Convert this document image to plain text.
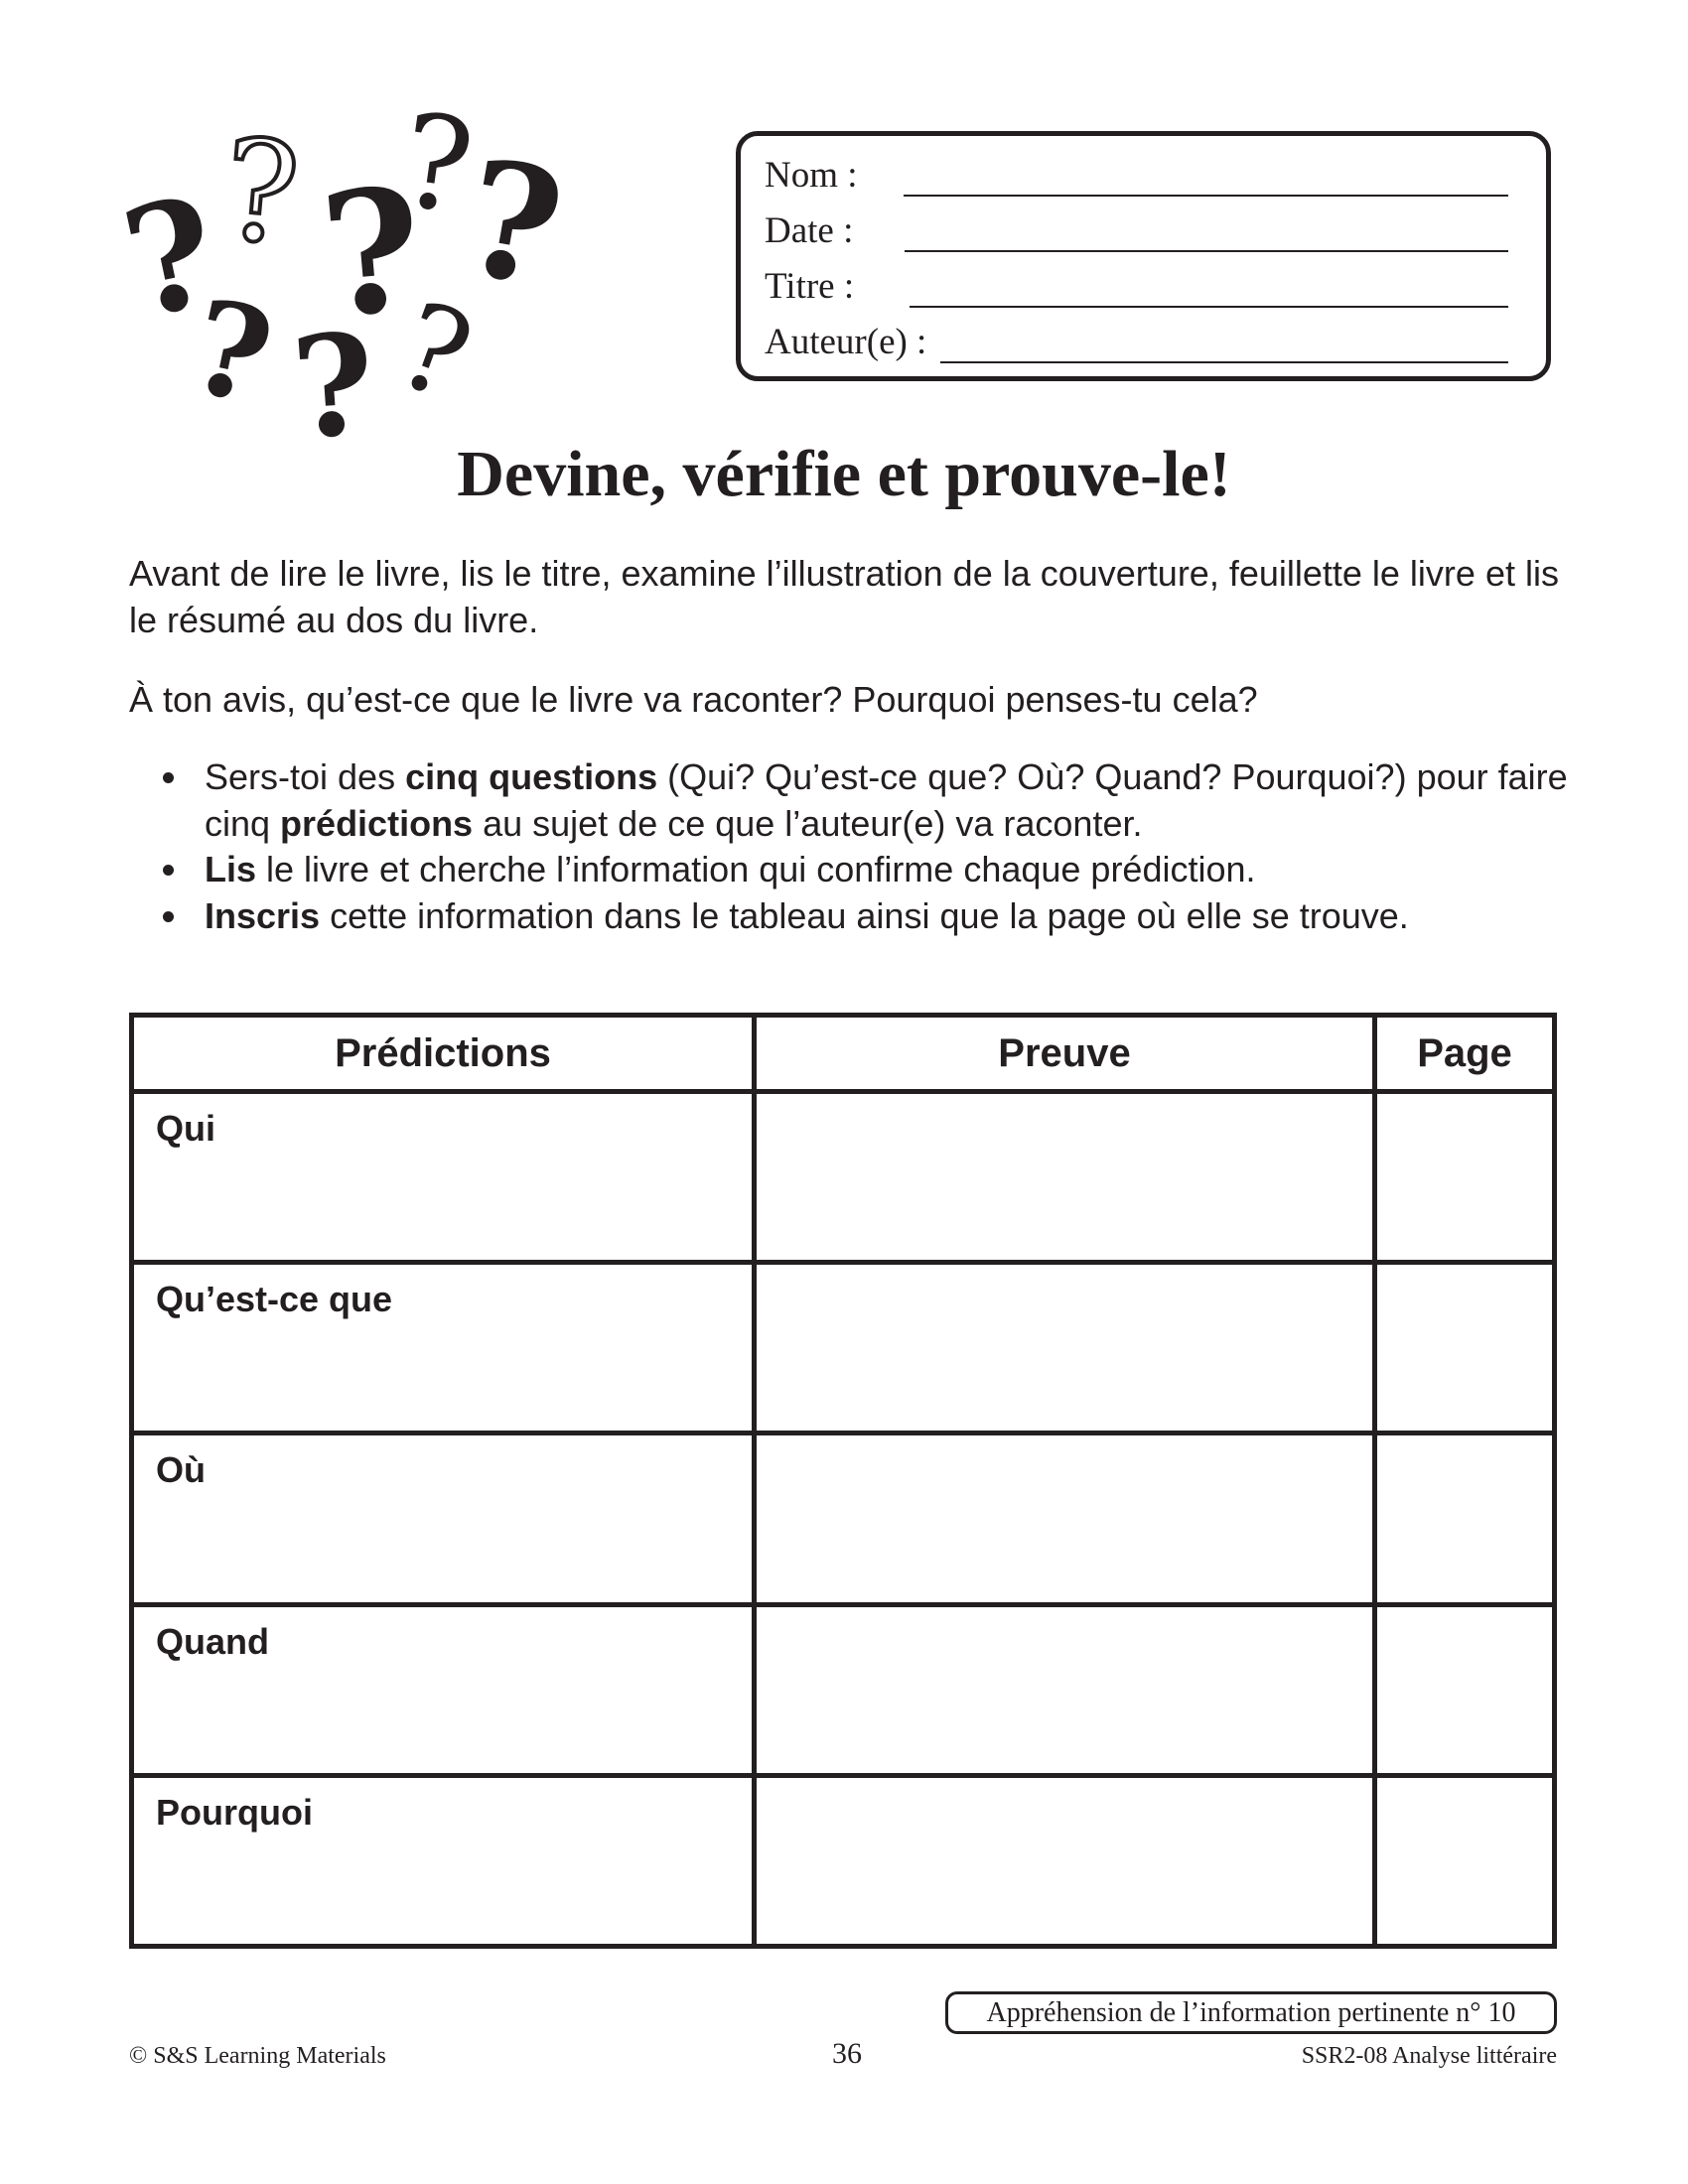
?
? ?
?
?
? ? ?
Nom :
Date :
Titre :
Auteur(e) :
Devine, vérifie et prouve-le!
Avant de lire le livre, lis le titre, examine l’illustration de la couverture, feuillette le livre et lis le résumé au dos du livre.
À ton avis, qu’est-ce que le livre va raconter? Pourquoi penses-tu cela?
Sers-toi des cinq questions (Qui? Qu’est-ce que? Où? Quand? Pourquoi?) pour faire cinq prédictions au sujet de ce que l’auteur(e) va raconter.
Lis le livre et cherche l’information qui confirme chaque prédiction.
Inscris cette information dans le tableau ainsi que la page où elle se trouve.
Prédictions	Preuve	Page
Qui		
Qu’est-ce que		
Où		
Quand		
Pourquoi		
Appréhension de l’information pertinente n° 10
© S&S Learning Materials	36	SSR2-08 Analyse littéraire
